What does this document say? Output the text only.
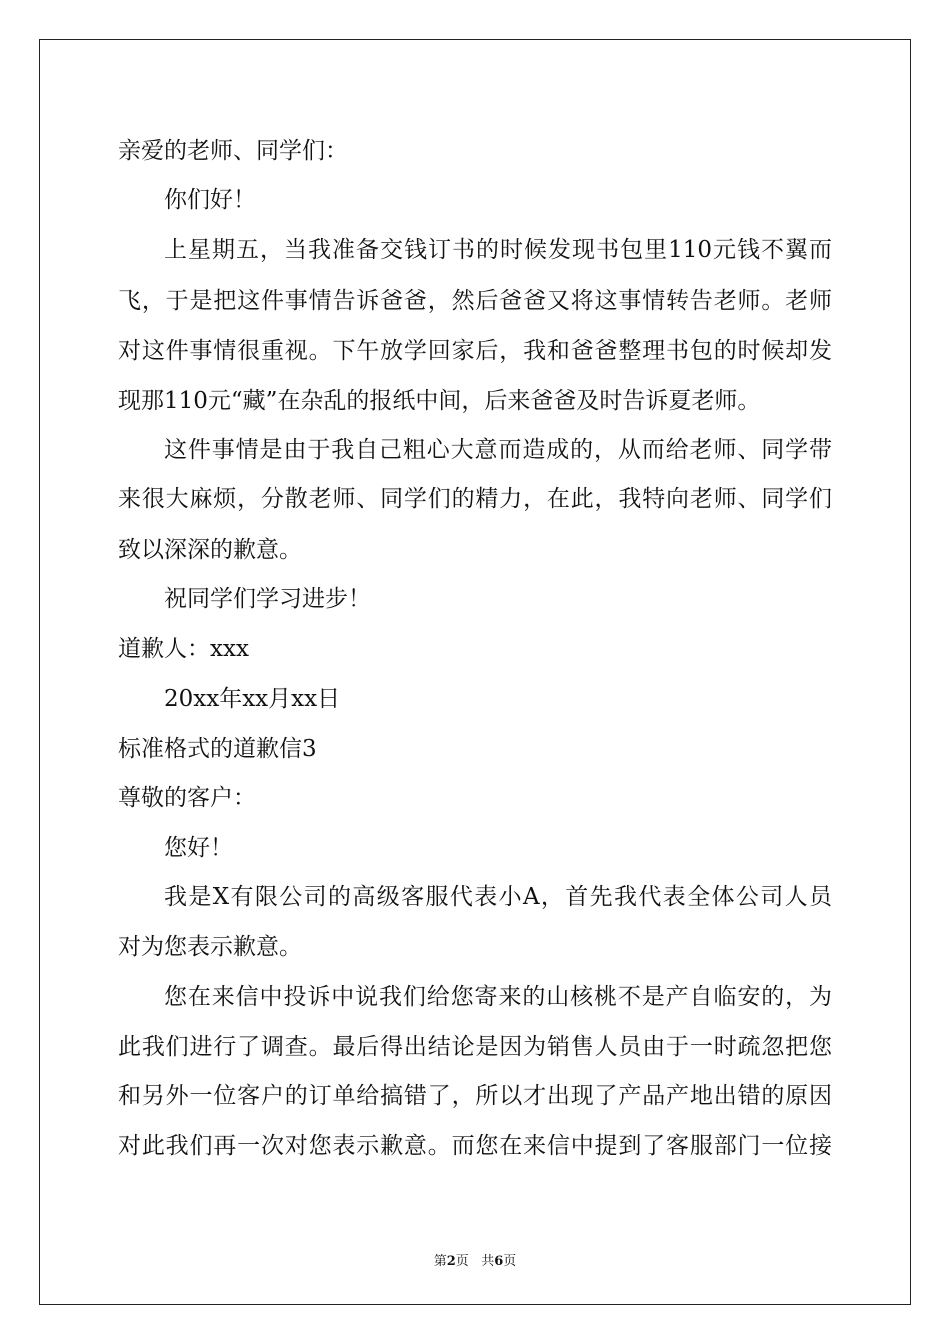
亲爱的老师、同学们：
你们好！
上星期五，当我准备交钱订书的时候发现书包里110元钱不翼而
飞，于是把这件事情告诉爸爸，然后爸爸又将这事情转告老师。老师
对这件事情很重视。下午放学回家后，我和爸爸整理书包的时候却发
现那110元“藏”在杂乱的报纸中间，后来爸爸及时告诉夏老师。
这件事情是由于我自己粗心大意而造成的，从而给老师、同学带
来很大麻烦，分散老师、同学们的精力，在此，我特向老师、同学们
致以深深的歉意。
祝同学们学习进步！
道歉人：xxx
20xx年xx月xx日
标准格式的道歉信3
尊敬的客户：
您好！
我是X有限公司的高级客服代表小A，首先我代表全体公司人员
对为您表示歉意。
您在来信中投诉中说我们给您寄来的山核桃不是产自临安的，为
此我们进行了调查。最后得出结论是因为销售人员由于一时疏忽把您
和另外一位客户的订单给搞错了，所以才出现了产品产地出错的原因
对此我们再一次对您表示歉意。而您在来信中提到了客服部门一位接
第2页 共6页
